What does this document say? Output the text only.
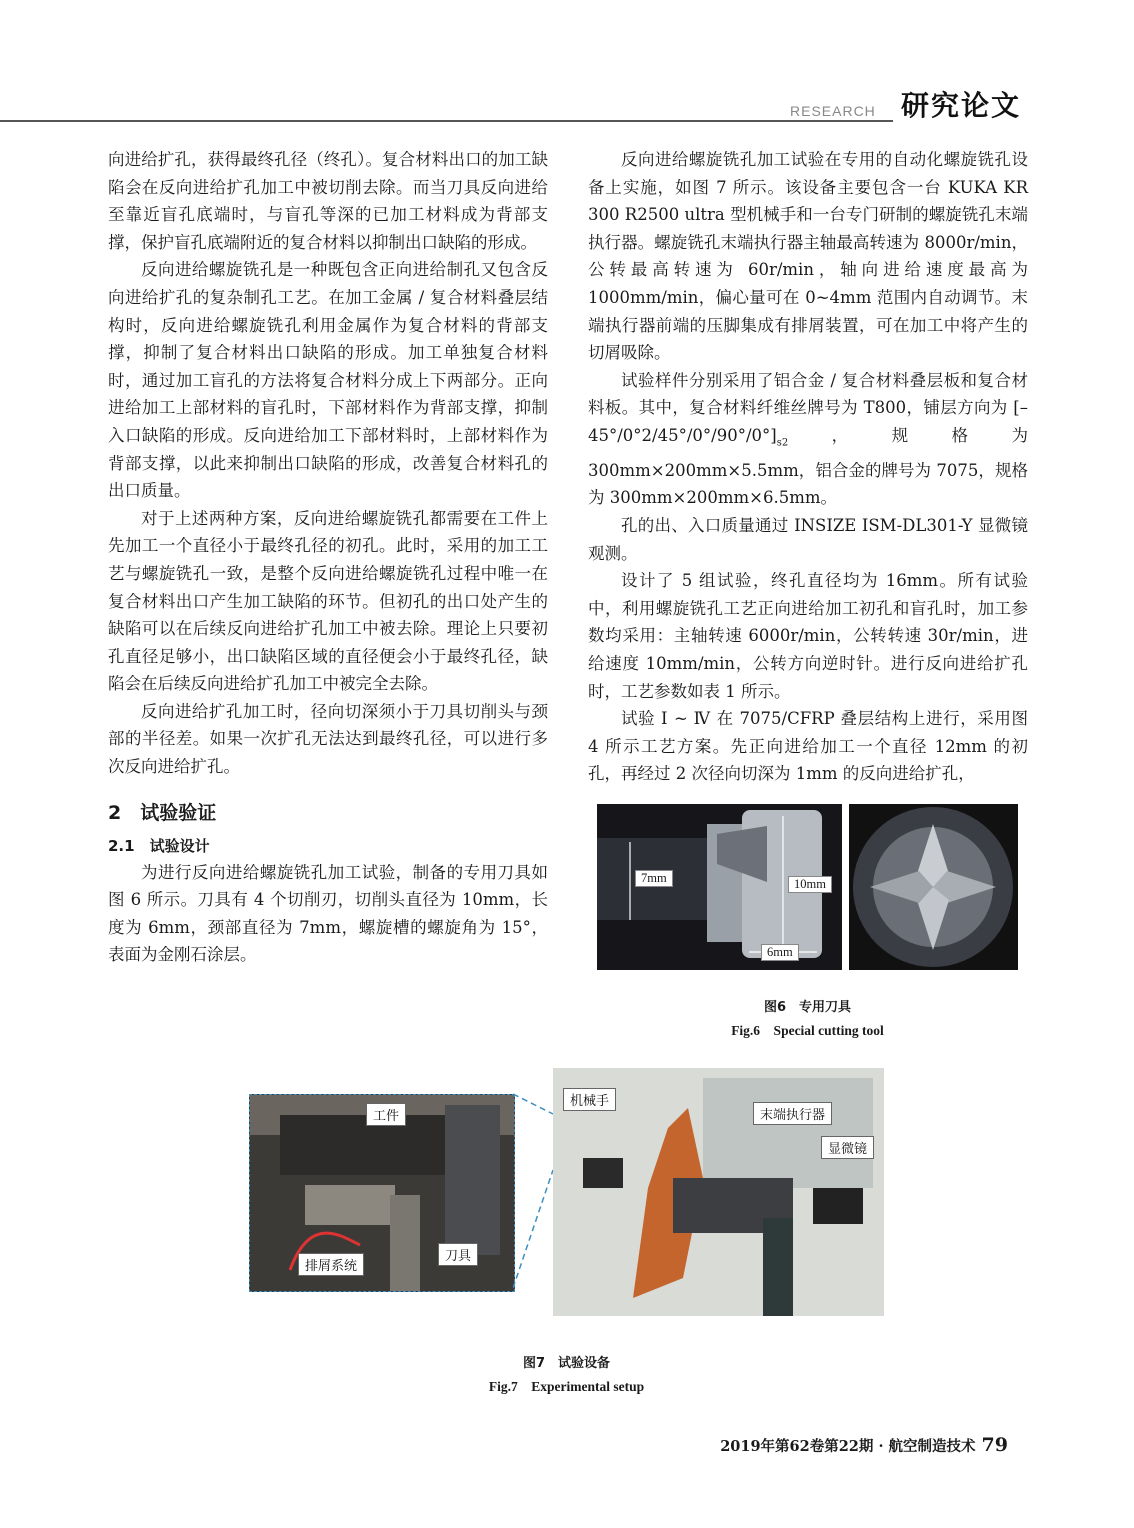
RESEARCH 研究论文

向进给扩孔，获得最终孔径（终孔）。复合材料出口的加工缺陷会在反向进给扩孔加工中被切削去除。而当刀具反向进给至靠近盲孔底端时，与盲孔等深的已加工材料成为背部支撑，保护盲孔底端附近的复合材料以抑制出口缺陷的形成。

反向进给螺旋铣孔是一种既包含正向进给制孔又包含反向进给扩孔的复杂制孔工艺。在加工金属 / 复合材料叠层结构时，反向进给螺旋铣孔利用金属作为复合材料的背部支撑，抑制了复合材料出口缺陷的形成。加工单独复合材料时，通过加工盲孔的方法将复合材料分成上下两部分。正向进给加工上部材料的盲孔时，下部材料作为背部支撑，抑制入口缺陷的形成。反向进给加工下部材料时，上部材料作为背部支撑，以此来抑制出口缺陷的形成，改善复合材料孔的出口质量。

对于上述两种方案，反向进给螺旋铣孔都需要在工件上先加工一个直径小于最终孔径的初孔。此时，采用的加工工艺与螺旋铣孔一致，是整个反向进给螺旋铣孔过程中唯一在复合材料出口产生加工缺陷的环节。但初孔的出口处产生的缺陷可以在后续反向进给扩孔加工中被去除。理论上只要初孔直径足够小，出口缺陷区域的直径便会小于最终孔径，缺陷会在后续反向进给扩孔加工中被完全去除。

反向进给扩孔加工时，径向切深须小于刀具切削头与颈部的半径差。如果一次扩孔无法达到最终孔径，可以进行多次反向进给扩孔。

2　试验验证
2.1　试验设计

为进行反向进给螺旋铣孔加工试验，制备的专用刀具如图 6 所示。刀具有 4 个切削刃，切削头直径为 10mm，长度为 6mm，颈部直径为 7mm，螺旋槽的螺旋角为 15°，表面为金刚石涂层。

反向进给螺旋铣孔加工试验在专用的自动化螺旋铣孔设备上实施，如图 7 所示。该设备主要包含一台 KUKA KR 300 R2500 ultra 型机械手和一台专门研制的螺旋铣孔末端执行器。螺旋铣孔末端执行器主轴最高转速为 8000r/min，公转最高转速为 60r/min，轴向进给速度最高为 1000mm/min，偏心量可在 0~4mm 范围内自动调节。末端执行器前端的压脚集成有排屑装置，可在加工中将产生的切屑吸除。

试验样件分别采用了铝合金 / 复合材料叠层板和复合材料板。其中，复合材料纤维丝牌号为 T800，铺层方向为 $[-45^\circ/0^\circ 2/45^\circ/0^\circ/90^\circ/0^\circ]_{s2}$，规格为 300mm×200mm×5.5mm，铝合金的牌号为 7075，规格为 300mm×200mm×6.5mm。

孔的出、入口质量通过 INSIZE ISM-DL301-Y 显微镜观测。

设计了 5 组试验，终孔直径均为 16mm。所有试验中，利用螺旋铣孔工艺正向进给加工初孔和盲孔时，加工参数均采用：主轴转速 6000r/min，公转转速 30r/min，进给速度 10mm/min，公转方向逆时针。进行反向进给扩孔时，工艺参数如表 1 所示。

试验 Ⅰ ~ Ⅳ 在 7075/CFRP 叠层结构上进行，采用图 4 所示工艺方案。先正向进给加工一个直径 12mm 的初孔，再经过 2 次径向切深为 1mm 的反向进给扩孔，

7mm	10mm
6mm
图6　专用刀具
Fig.6　Special cutting tool
工件
排屑系统
刀具
机械手
末端执行器
显微镜
图7　试验设备
Fig.7　Experimental setup
2019年第62卷第22期 · 航空制造技术 79
